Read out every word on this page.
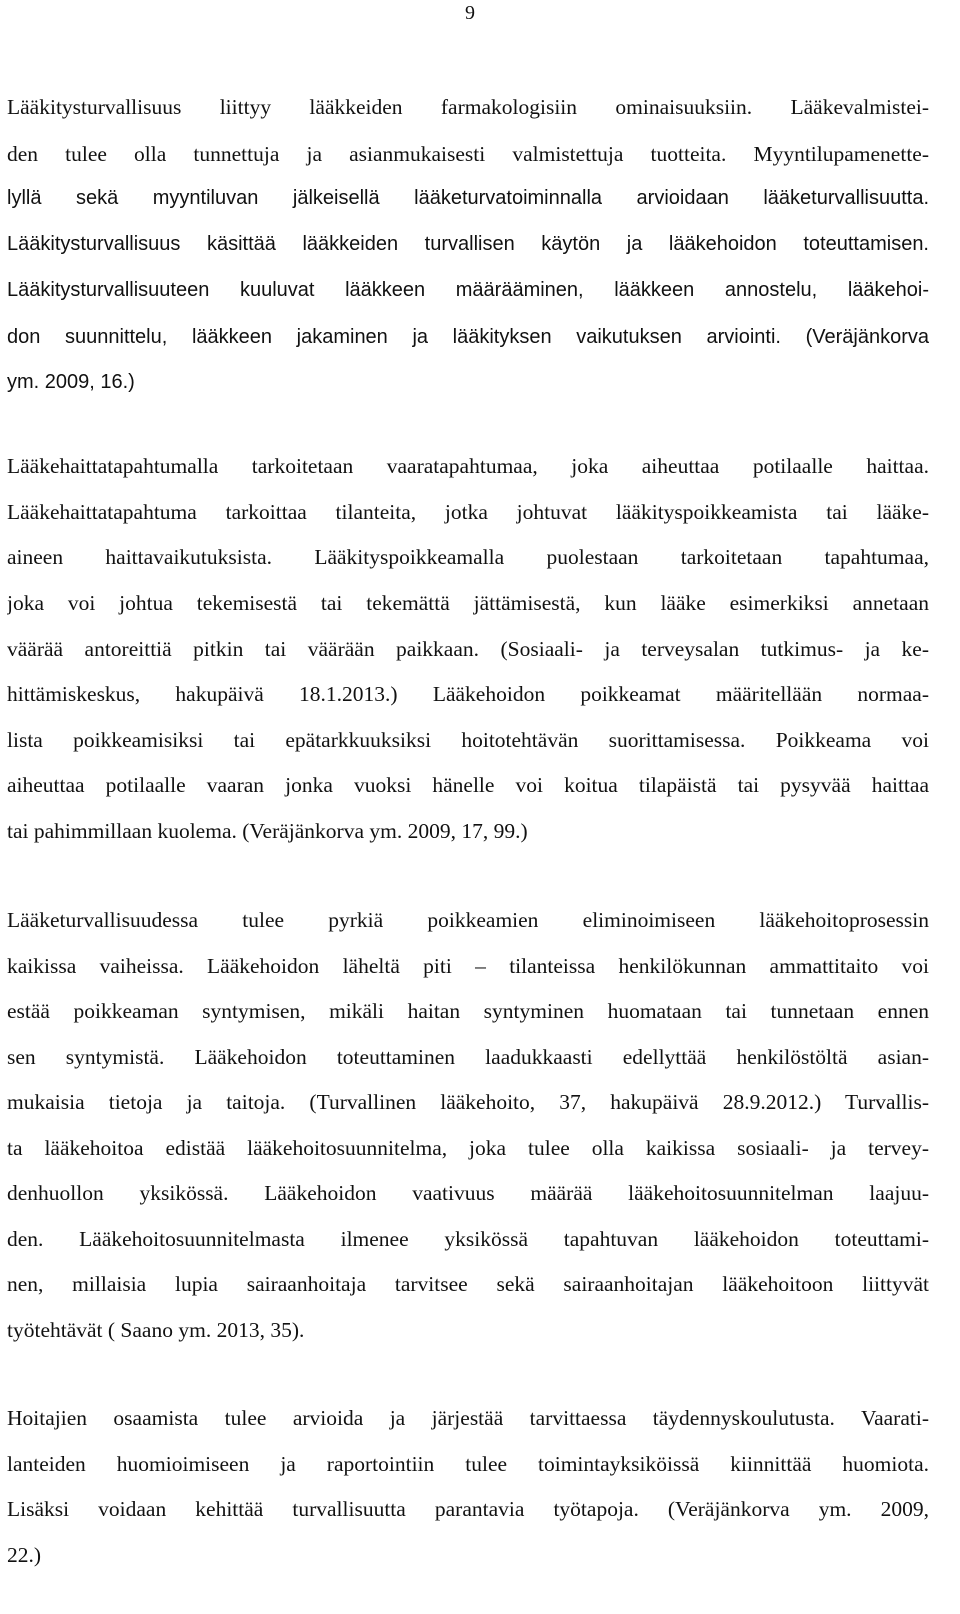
9
Lääkitysturvallisuus liittyy lääkkeiden farmakologisiin ominaisuuksiin. Lääkevalmistei-
den tulee olla tunnettuja ja asianmukaisesti valmistettuja tuotteita. Myyntilupamenette-
lyllä sekä myyntiluvan jälkeisellä lääketurvatoiminnalla arvioidaan lääketurvallisuutta.
Lääkitysturvallisuus käsittää lääkkeiden turvallisen käytön ja lääkehoidon toteuttamisen.
Lääkitysturvallisuuteen kuuluvat lääkkeen määrääminen, lääkkeen annostelu, lääkehoi-
don suunnittelu, lääkkeen jakaminen ja lääkityksen vaikutuksen arviointi. (Veräjänkorva
ym. 2009, 16.)
Lääkehaittatapahtumalla tarkoitetaan vaaratapahtumaa, joka aiheuttaa potilaalle haittaa.
Lääkehaittatapahtuma tarkoittaa tilanteita, jotka johtuvat lääkityspoikkeamista tai lääke-
aineen haittavaikutuksista. Lääkityspoikkeamalla puolestaan tarkoitetaan tapahtumaa,
joka voi johtua tekemisestä tai tekemättä jättämisestä, kun lääke esimerkiksi annetaan
väärää antoreittiä pitkin tai väärään paikkaan. (Sosiaali- ja terveysalan tutkimus- ja ke-
hittämiskeskus, hakupäivä 18.1.2013.) Lääkehoidon poikkeamat määritellään normaa-
lista poikkeamisiksi tai epätarkkuuksiksi hoitotehtävän suorittamisessa. Poikkeama voi
aiheuttaa potilaalle vaaran jonka vuoksi hänelle voi koitua tilapäistä tai pysyvää haittaa
tai pahimmillaan kuolema. (Veräjänkorva ym. 2009, 17, 99.)
Lääketurvallisuudessa tulee pyrkiä poikkeamien eliminoimiseen lääkehoitoprosessin
kaikissa vaiheissa. Lääkehoidon läheltä piti – tilanteissa henkilökunnan ammattitaito voi
estää poikkeaman syntymisen, mikäli haitan syntyminen huomataan tai tunnetaan ennen
sen syntymistä. Lääkehoidon toteuttaminen laadukkaasti edellyttää henkilöstöltä asian-
mukaisia tietoja ja taitoja. (Turvallinen lääkehoito, 37, hakupäivä 28.9.2012.) Turvallis-
ta lääkehoitoa edistää lääkehoitosuunnitelma, joka tulee olla kaikissa sosiaali- ja tervey-
denhuollon yksikössä. Lääkehoidon vaativuus määrää lääkehoitosuunnitelman laajuu-
den. Lääkehoitosuunnitelmasta ilmenee yksikössä tapahtuvan lääkehoidon toteuttami-
nen, millaisia lupia sairaanhoitaja tarvitsee sekä sairaanhoitajan lääkehoitoon liittyvät
työtehtävät ( Saano ym. 2013, 35).
Hoitajien osaamista tulee arvioida ja järjestää tarvittaessa täydennyskoulutusta. Vaarati-
lanteiden huomioimiseen ja raportointiin tulee toimintayksiköissä kiinnittää huomiota.
Lisäksi voidaan kehittää turvallisuutta parantavia työtapoja. (Veräjänkorva ym. 2009,
22.)
